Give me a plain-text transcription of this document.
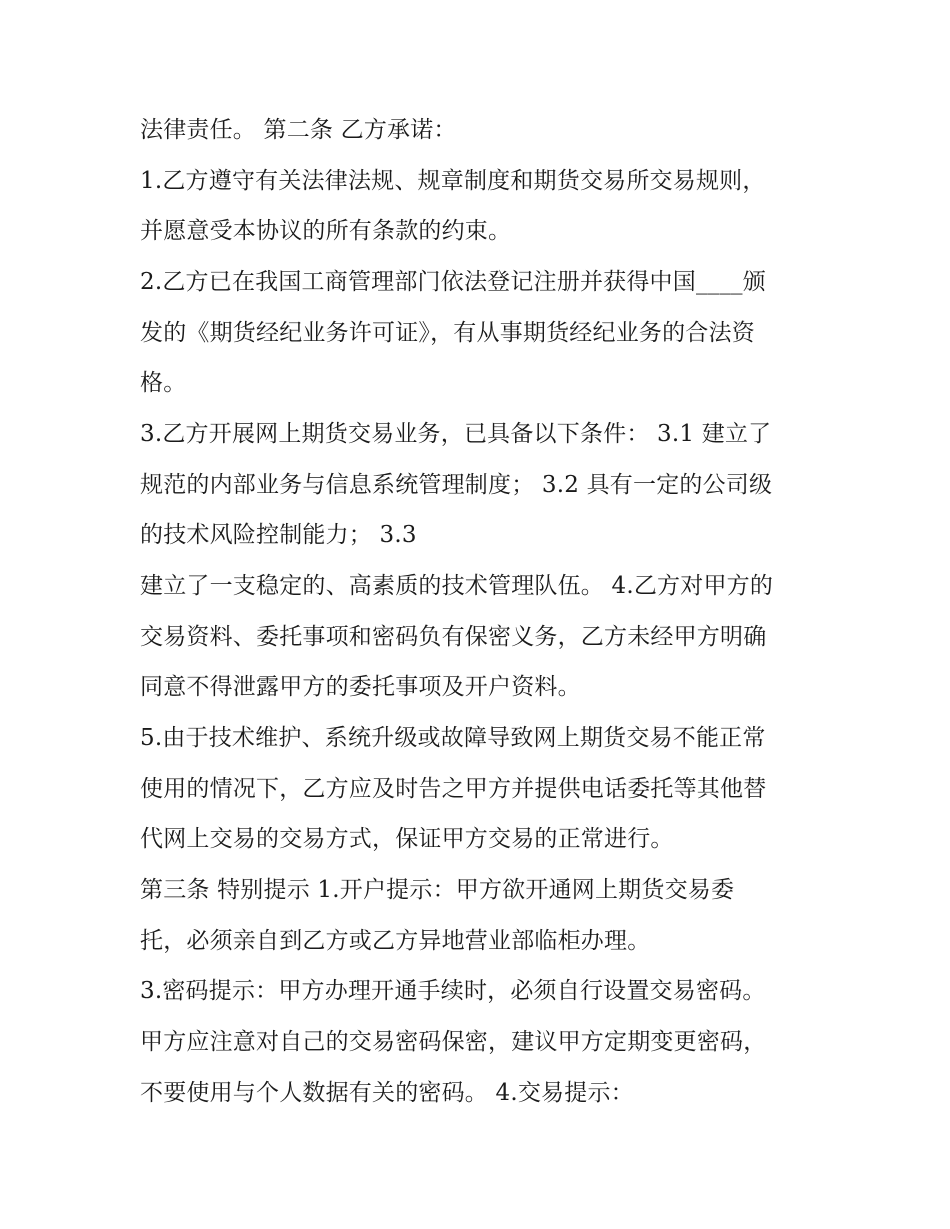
法律责任。 第二条 乙方承诺：
1.乙方遵守有关法律法规、规章制度和期货交易所交易规则，
并愿意受本协议的所有条款的约束。
2.乙方已在我国工商管理部门依法登记注册并获得中国____颁
发的《期货经纪业务许可证》，有从事期货经纪业务的合法资
格。
3.乙方开展网上期货交易业务，已具备以下条件： 3.1 建立了
规范的内部业务与信息系统管理制度； 3.2 具有一定的公司级
的技术风险控制能力； 3.3
建立了一支稳定的、高素质的技术管理队伍。 4.乙方对甲方的
交易资料、委托事项和密码负有保密义务，乙方未经甲方明确
同意不得泄露甲方的委托事项及开户资料。
5.由于技术维护、系统升级或故障导致网上期货交易不能正常
使用的情况下，乙方应及时告之甲方并提供电话委托等其他替
代网上交易的交易方式，保证甲方交易的正常进行。
第三条 特别提示 1.开户提示：甲方欲开通网上期货交易委
托，必须亲自到乙方或乙方异地营业部临柜办理。
3.密码提示：甲方办理开通手续时，必须自行设置交易密码。
甲方应注意对自己的交易密码保密，建议甲方定期变更密码，
不要使用与个人数据有关的密码。 4.交易提示：
